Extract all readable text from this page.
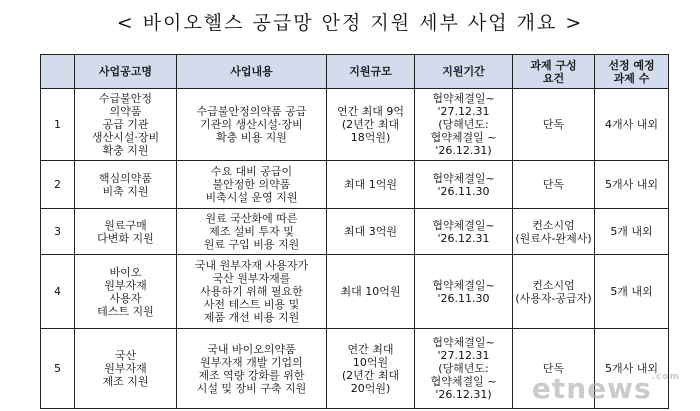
< 바이오헬스 공급망 안정 지원 세부 사업 개요 >

	사업공고명	사업내용	지원규모	지원기간	과제 구성
요건	선정 예정
과제 수

1	수급불안정
의약품
공급 기관
생산시설·장비
확충 지원	수급불안정의약품 공급
기관의 생산시설·장비
확충 비용 지원	연간 최대 9억
(2년간 최대
18억원)	협약체결일~
'27.12.31
(당해년도:
협약체결일 ~
'26.12.31)	단독	4개사 내외

2	핵심의약품
비축 지원	수요 대비 공급이
불안정한 의약품
비축시설 운영 지원	최대 1억원	협약체결일~
'26.11.30	단독	5개사 내외

3	원료구매
다변화 지원	원료 국산화에 따른
제조 설비 투자 및
원료 구입 비용 지원	최대 3억원	협약체결일~
'26.12.31	컨소시엄
(원료사-완제사)	5개 내외

4	바이오
원부자재
사용자
테스트 지원	국내 원부자재 사용자가
국산 원부자재를
사용하기 위해 필요한
사전 테스트 비용 및
제품 개선 비용 지원	최대 10억원	협약체결일~
'26.11.30	컨소시엄
(사용자-공급자)	5개 내외

5	국산
원부자재
제조 지원	국내 바이오의약품
원부자재 개발 기업의
제조 역량 강화를 위한
시설 및 장비 구축 지원	연간 최대
10억원
(2년간 최대
20억원)	협약체결일~
'27.12.31
(당해년도:
협약체결일 ~
'26.12.31)	단독	5개사 내외
etnews$^{.com}$
